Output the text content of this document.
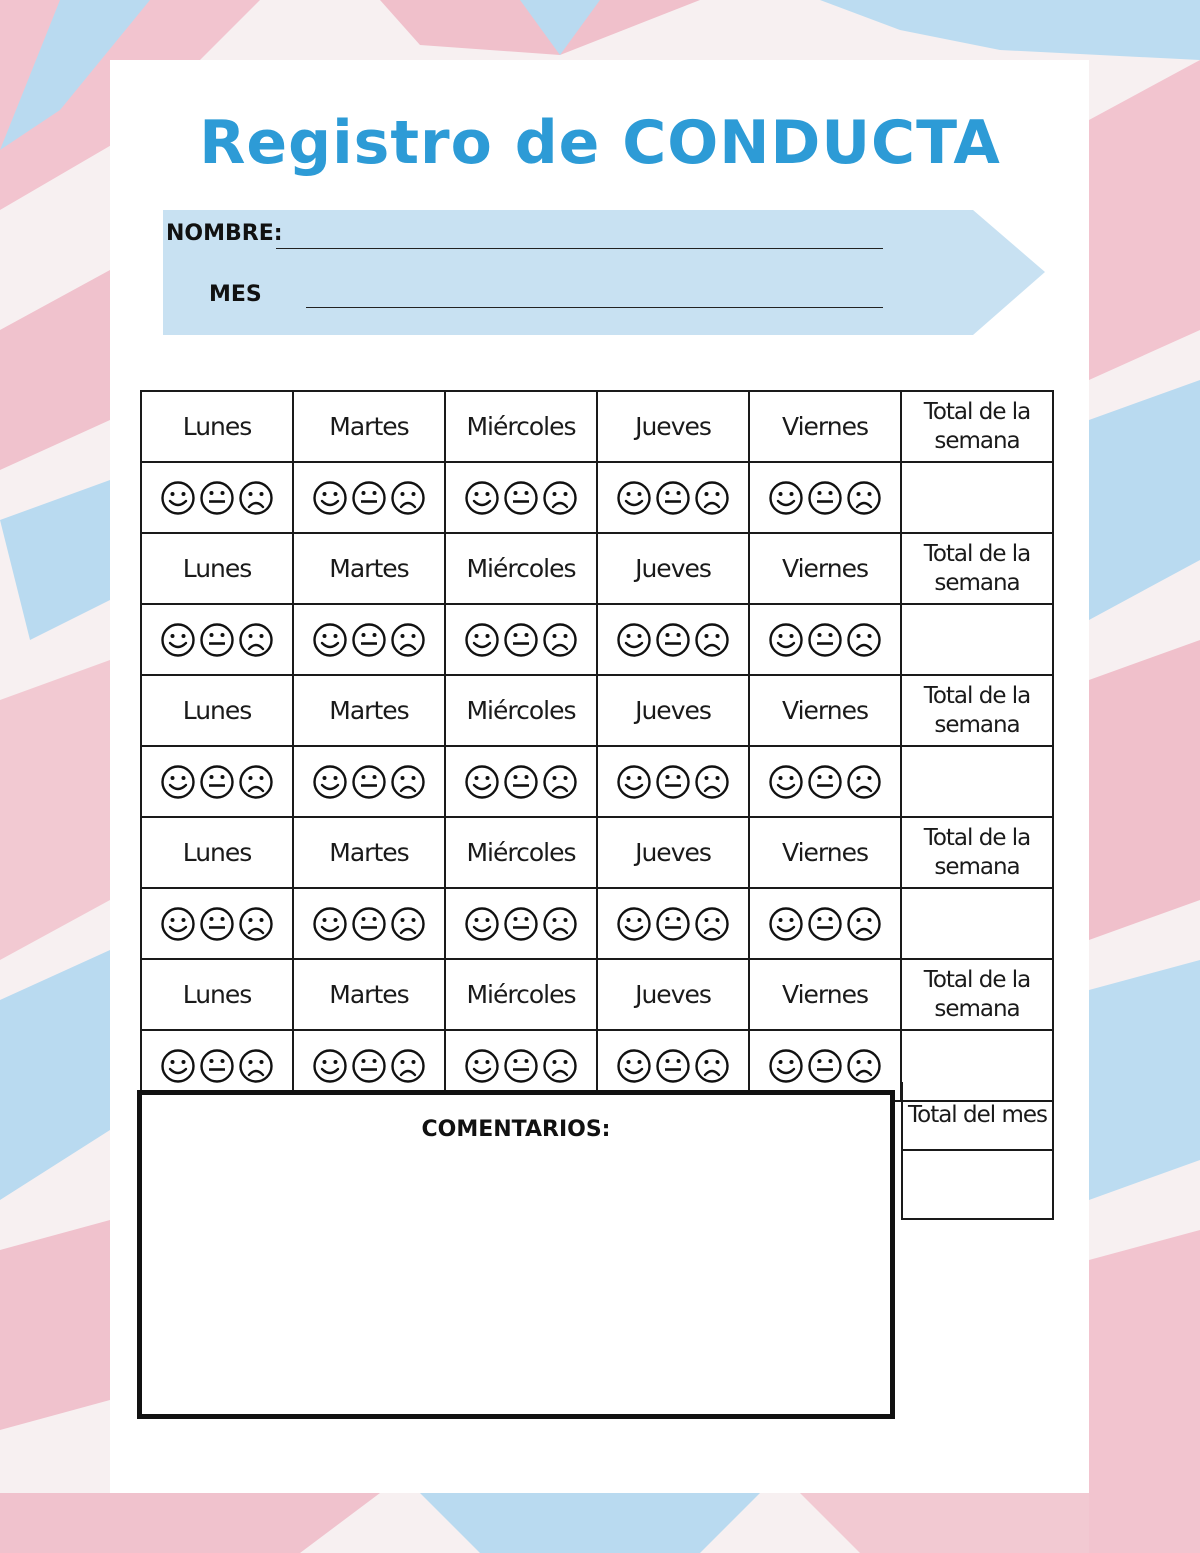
Registro de CONDUCTA
NOMBRE:
MES
Lunes	Martes	Miércoles	Jueves	Viernes	Total de la semana

Lunes	Martes	Miércoles	Jueves	Viernes	Total de la semana

Lunes	Martes	Miércoles	Jueves	Viernes	Total de la semana

Lunes	Martes	Miércoles	Jueves	Viernes	Total de la semana

Lunes	Martes	Miércoles	Jueves	Viernes	Total de la semana

COMENTARIOS:
Total del mes
